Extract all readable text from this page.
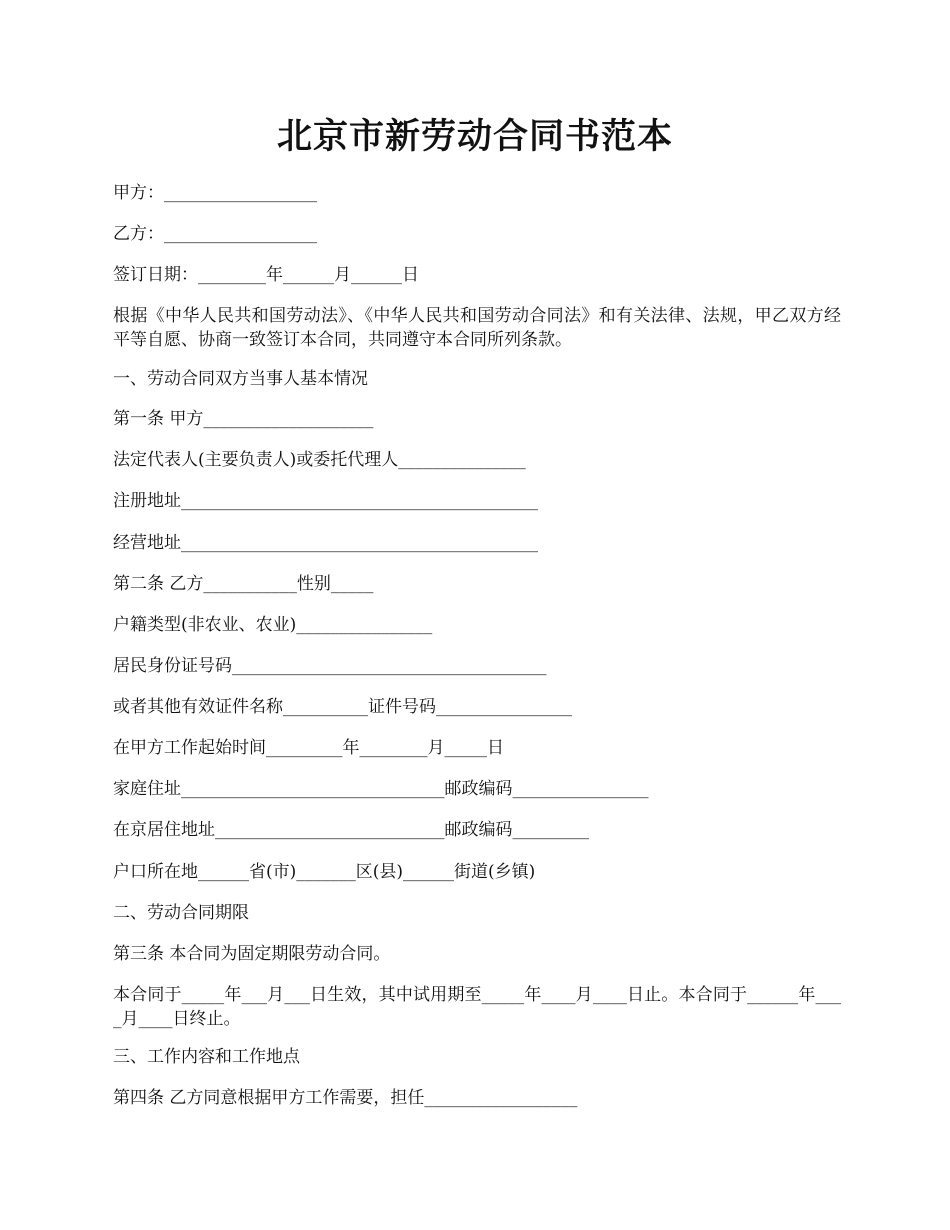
北京市新劳动合同书范本
甲方：__________________
乙方：__________________
签订日期：________年______月______日
根据《中华人民共和国劳动法》、《中华人民共和国劳动合同法》和有关法律、法规，甲乙双方经平等自愿、协商一致签订本合同，共同遵守本合同所列条款。
一、劳动合同双方当事人基本情况
第一条 甲方____________________
法定代表人(主要负责人)或委托代理人_______________
注册地址__________________________________________
经营地址__________________________________________
第二条 乙方___________性别_____
户籍类型(非农业、农业)________________
居民身份证号码_____________________________________
或者其他有效证件名称__________证件号码________________
在甲方工作起始时间_________年________月_____日
家庭住址_______________________________邮政编码________________
在京居住地址___________________________邮政编码_________
户口所在地______省(市)_______区(县)______街道(乡镇)
二、劳动合同期限
第三条 本合同为固定期限劳动合同。
本合同于_____年___月___日生效，其中试用期至_____年____月____日止。本合同于______年____月____日终止。
三、工作内容和工作地点
第四条 乙方同意根据甲方工作需要，担任__________________
